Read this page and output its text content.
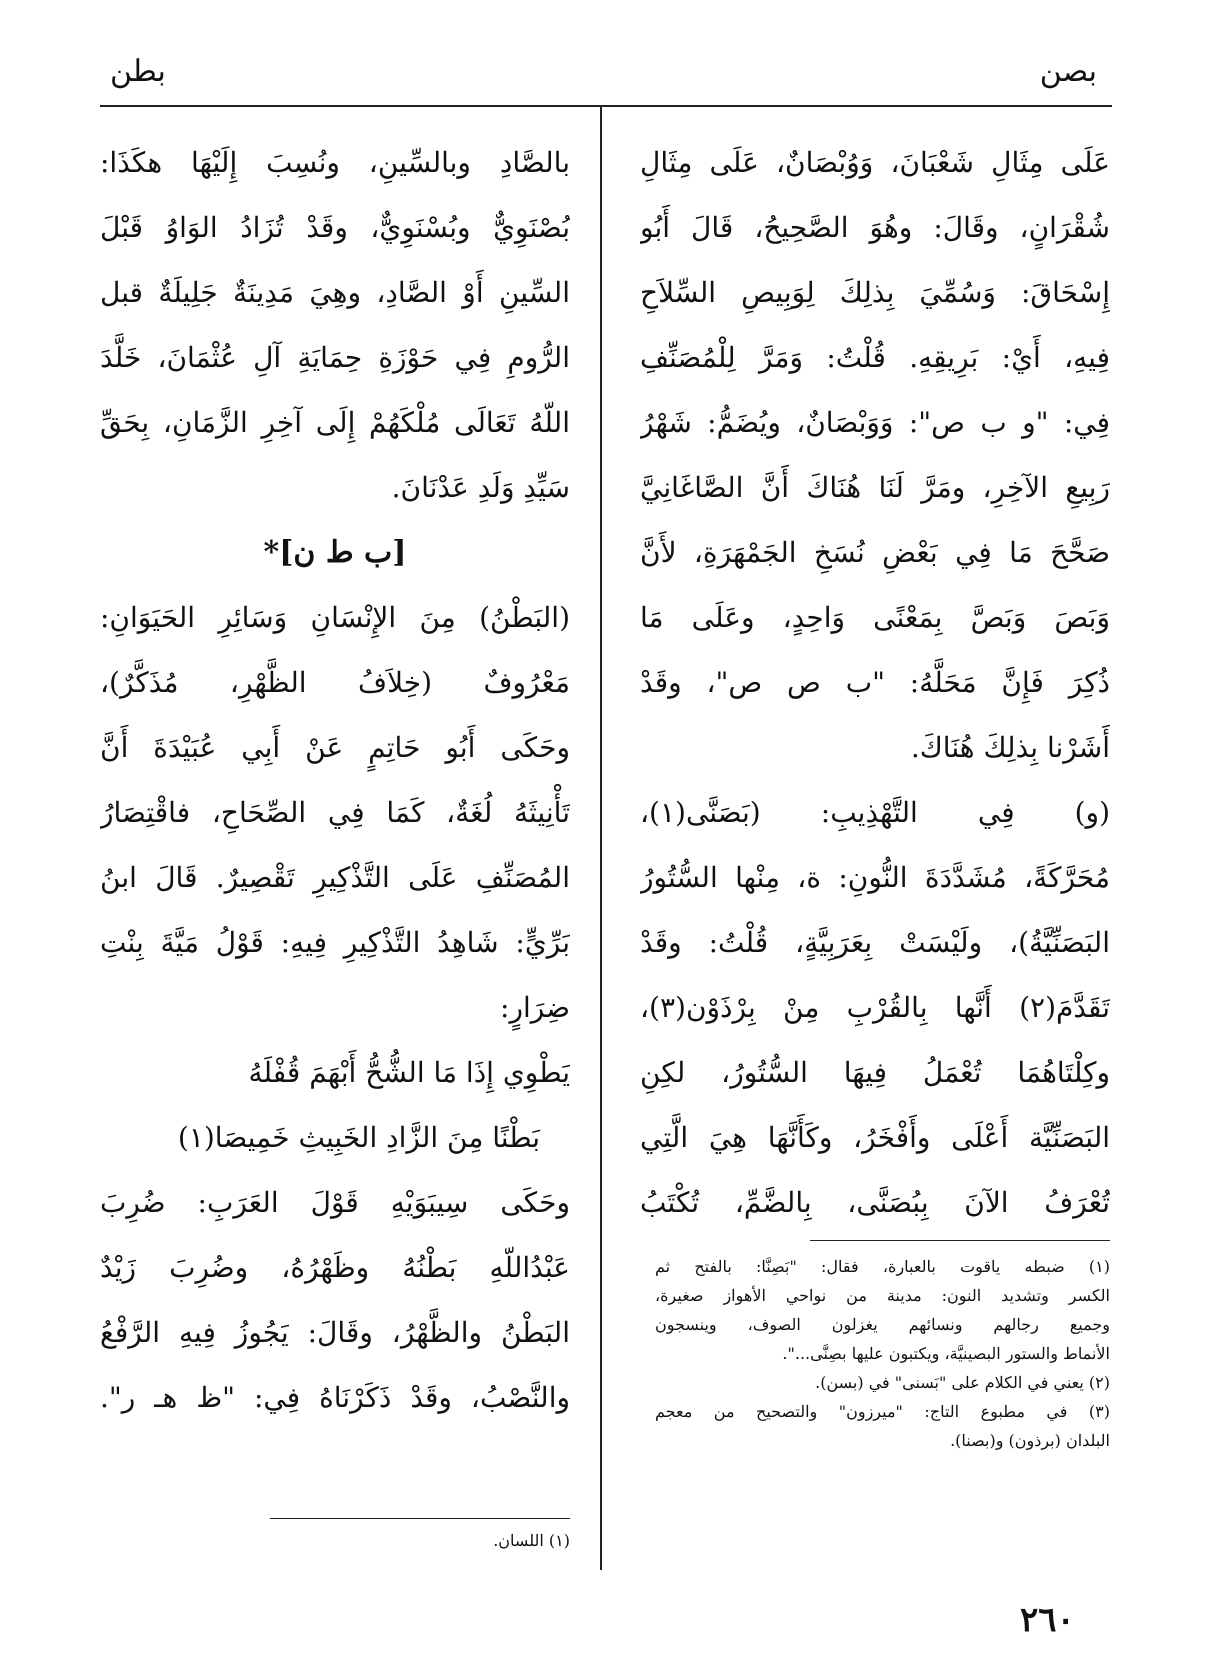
بصن
بطن
عَلَى مِثَالِ شَعْبَانَ، وَوُبْصَانٌ، عَلَى مِثَالِ
شُقْرَانٍ، وقَالَ: وهُوَ الصَّحِيحُ، قَالَ أَبُو
إِسْحَاقَ: وَسُمِّيَ بِذلِكَ لِوَبِيصِ السِّلاَحِ
فِيهِ، أَيْ: بَرِيقِهِ. قُلْتُ: وَمَرَّ لِلْمُصَنِّفِ
فِي: "و ب ص": وَوَبْصَانٌ، ويُضَمُّ: شَهْرُ
رَبِيعِ الآخِرِ، ومَرَّ لَنَا هُنَاكَ أَنَّ الصَّاغَانِيَّ
صَحَّحَ مَا فِي بَعْضِ نُسَخِ الجَمْهَرَةِ، لأَنَّ
وَبَصَ وَبَصَّ بِمَعْنًى وَاحِدٍ، وعَلَى مَا
ذُكِرَ فَإِنَّ مَحَلَّهُ: "ب ص ص"، وقَدْ
أَشَرْنا بِذلِكَ هُنَاكَ.
(و) فِي التَّهْذِيبِ: (بَصَنَّى(١)،
مُحَرَّكَةً، مُشَدَّدَةَ النُّونِ: ة، مِنْها السُّتُورُ
البَصَنِّيَّةُ)، ولَيْسَتْ بِعَرَبِيَّةٍ، قُلْتُ: وقَدْ
تَقَدَّمَ(٢) أَنَّها بِالقُرْبِ مِنْ بِرْذَوْن(٣)،
وكِلْتَاهُمَا تُعْمَلُ فِيهَا السُّتُورُ، لكِنِ
البَصَنِّيَّة أَعْلَى وأَفْخَرُ، وكَأَنَّهَا هِيَ الَّتِي
تُعْرَفُ الآنَ بِبُصَنَّى، بِالضَّمِّ، تُكْتَبُ
(١) ضبطه ياقوت بالعبارة، فقال: "بَصِنَّا: بالفتح ثم
الكسر وتشديد النون: مدينة من نواحي الأهواز صغيرة،
وجميع رجالهم ونسائهم يغزلون الصوف، وينسجون
الأنماط والستور البصينيَّة، ويكتبون عليها بصِنَّى...".
(٢) يعني في الكلام على "بَسنى" في (بسن).
(٣) في مطبوع التاج: "ميرزون" والتصحيح من معجم
البلدان (برذون) و(بصنا).
بالصَّادِ وبالسِّينِ، ونُسِبَ إِلَيْهَا هكَذَا:
بُصْنَوِيٌّ وبُسْنَوِيٌّ، وقَدْ تُزَادُ الوَاوُ قَبْلَ
السِّينِ أَوْ الصَّادِ، وهِيَ مَدِينَةٌ جَلِيلَةٌ قبل
الرُّومِ فِي حَوْزَةِ حِمَايَةِ آلِ عُثْمَانَ، خَلَّدَ
اللّهُ تَعَالَى مُلْكَهُمْ إِلَى آخِرِ الزَّمَانِ، بِحَقِّ
سَيِّدِ وَلَدِ عَدْنَانَ.
[ب ط ن]*
(البَطْنُ) مِنَ الإِنْسَانِ وَسَائِرِ الحَيَوَانِ:
مَعْرُوفٌ (خِلاَفُ الظَّهْرِ، مُذَكَّرٌ)،
وحَكَى أَبُو حَاتِمٍ عَنْ أَبِي عُبَيْدَةَ أَنَّ
تَأْنِيثَهُ لُغَةٌ، كَمَا فِي الصِّحَاحِ، فاقْتِصَارُ
المُصَنِّفِ عَلَى التَّذْكِيرِ تَقْصِيرٌ. قَالَ ابنُ
بَرِّيٍّ: شَاهِدُ التَّذْكِيرِ فِيهِ: قَوْلُ مَيَّةَ بِنْتِ
ضِرَارٍ:
يَطْوِي إِذَا مَا الشُّحُّ أَبْهَمَ قُفْلَهُ
بَطْنًا مِنَ الزَّادِ الخَبِيثِ خَمِيصَا(١)
وحَكَى سِيبَوَيْهِ قَوْلَ العَرَبِ: ضُرِبَ
عَبْدُاللّهِ بَطْنُهُ وظَهْرُهُ، وضُرِبَ زَيْدٌ
البَطْنُ والظَّهْرُ، وقَالَ: يَجُوزُ فِيهِ الرَّفْعُ
والنَّصْبُ، وقَدْ ذَكَرْنَاهُ فِي: "ظ هـ ر".
(١) اللسان.
٢٦٠
